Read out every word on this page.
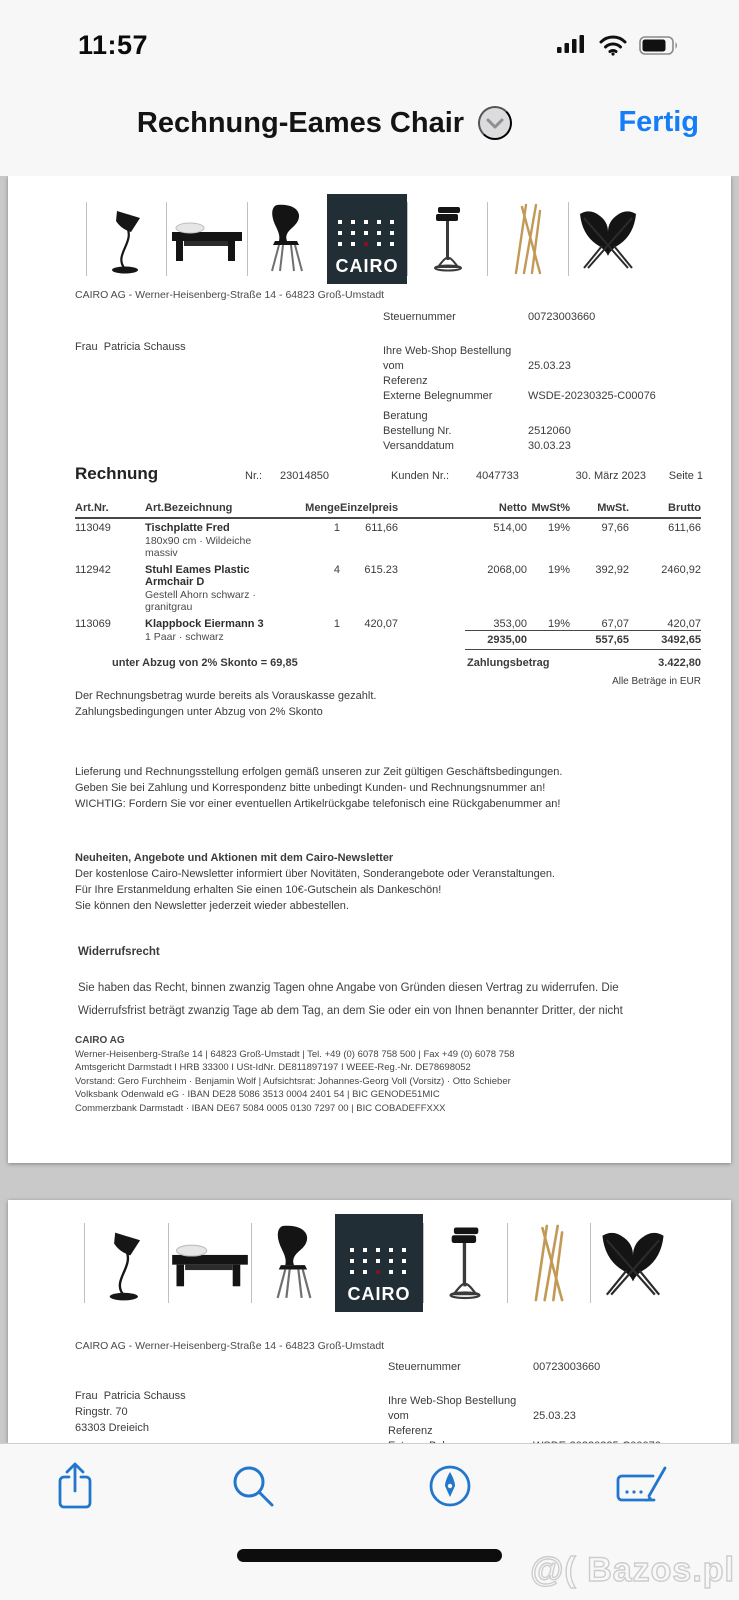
11:57
Rechnung-Eames Chair	Fertig
CAIRO
CAIRO AG - Werner-Heisenberg-Straße 14 - 64823 Groß-Umstadt
Steuernummer	00723003660
Ihre Web-Shop Bestellung
vom	25.03.23
Referenz
Externe Belegnummer	WSDE-20230325-C00076
Beratung
Bestellung Nr.	2512060
Versanddatum	30.03.23
Frau  Patricia Schauss
Rechnung	Nr.: 23014850	Kunden Nr.: 4047733	30. März 2023 Seite 1
Art.Nr.	Art.Bezeichnung	Menge	Einzelpreis	Netto	MwSt%	MwSt.	Brutto
113049	Tischplatte Fred	1	611,66	514,00	19%	97,66	611,66
	180x90 cm · Wildeiche massiv						
112942	Stuhl Eames Plastic Armchair D	4	615.23	2068,00	19%	392,92	2460,92
	Gestell Ahorn schwarz · granitgrau						
113069	Klappbock Eiermann 3	1	420,07	353,00	19%	67,07	420,07
	1 Paar · schwarz							2935,00	557,65	3492,65
unter Abzug von 2% Skonto = 69,85	Zahlungsbetrag	3.422,80
Alle Beträge in EUR
Der Rechnungsbetrag wurde bereits als Vorauskasse gezahlt.
Zahlungsbedingungen unter Abzug von 2% Skonto
Lieferung und Rechnungsstellung erfolgen gemäß unseren zur Zeit gültigen Geschäftsbedingungen.
Geben Sie bei Zahlung und Korrespondenz bitte unbedingt Kunden- und Rechnungsnummer an!
WICHTIG: Fordern Sie vor einer eventuellen Artikelrückgabe telefonisch eine Rückgabenummer an!
Neuheiten, Angebote und Aktionen mit dem Cairo-Newsletter
Der kostenlose Cairo-Newsletter informiert über Novitäten, Sonderangebote oder Veranstaltungen.
Für Ihre Erstanmeldung erhalten Sie einen 10€-Gutschein als Dankeschön!
Sie können den Newsletter jederzeit wieder abbestellen.
Widerrufsrecht
Sie haben das Recht, binnen zwanzig Tagen ohne Angabe von Gründen diesen Vertrag zu widerrufen. Die
Widerrufsfrist beträgt zwanzig Tage ab dem Tag, an dem Sie oder ein von Ihnen benannter Dritter, der nicht
CAIRO AG
Werner-Heisenberg-Straße 14 | 64823 Groß-Umstadt | Tel. +49 (0) 6078 758 500 | Fax +49 (0) 6078 758
Amtsgericht Darmstadt I HRB 33300 I USt-IdNr. DE811897197 I WEEE-Reg.-Nr. DE78698052
Vorstand: Gero Furchheim · Benjamin Wolf | Aufsichtsrat: Johannes-Georg Voll (Vorsitz) · Otto Schieber
Volksbank Odenwald eG · IBAN DE28 5086 3513 0004 2401 54 | BIC GENODE51MIC
Commerzbank Darmstadt · IBAN DE67 5084 0005 0130 7297 00 | BIC COBADEFFXXX
CAIRO
CAIRO AG - Werner-Heisenberg-Straße 14 - 64823 Groß-Umstadt
Steuernummer	00723003660
Ihre Web-Shop Bestellung
vom	25.03.23
Referenz
Frau  Patricia Schauss
Ringstr. 70
63303 Dreieich
@( Bazos.pl
